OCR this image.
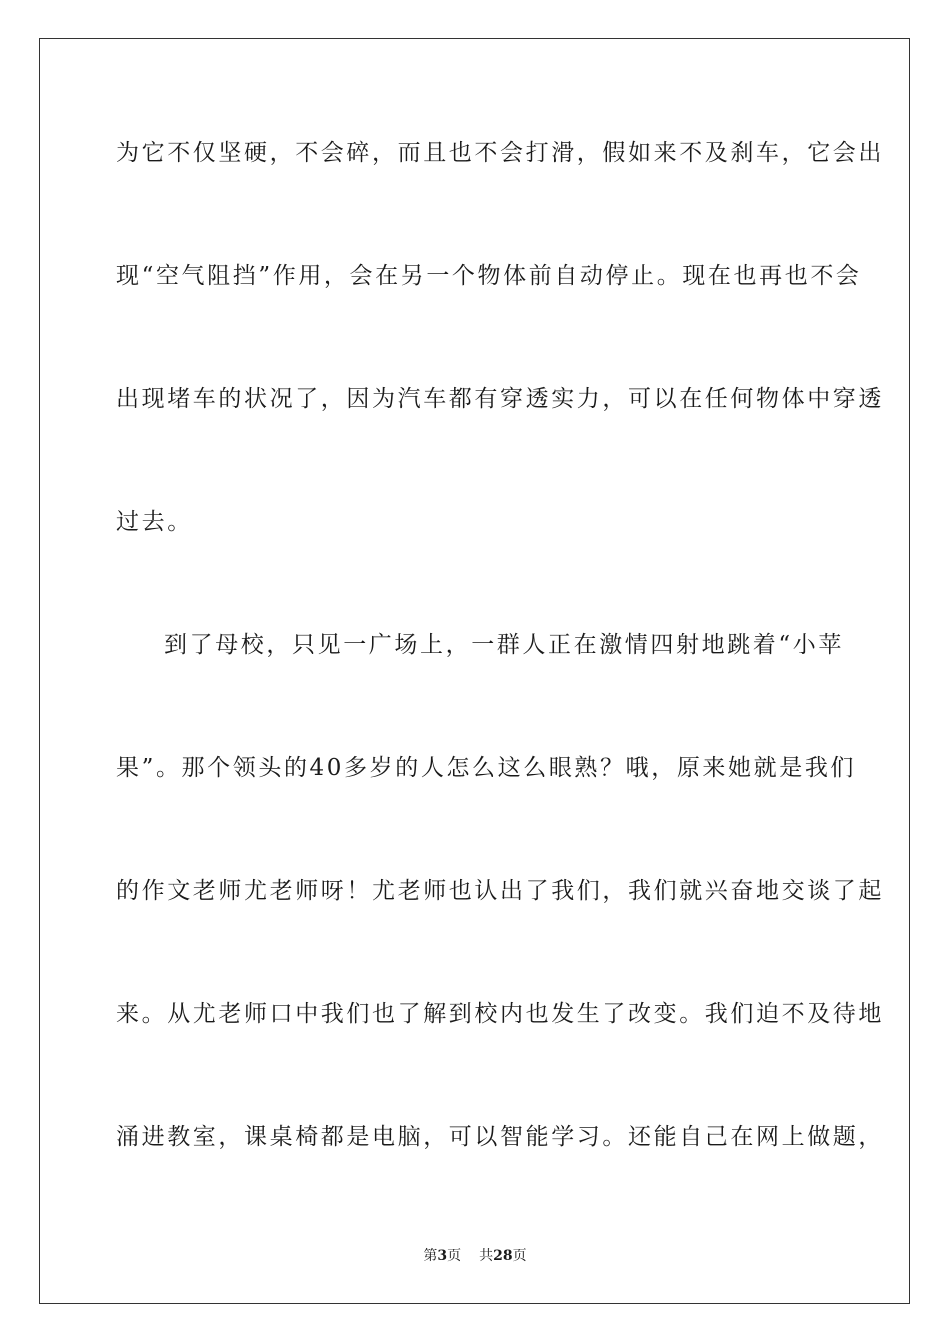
为它不仅坚硬，不会碎，而且也不会打滑，假如来不及刹车，它会出
现“空气阻挡”作用，会在另一个物体前自动停止。现在也再也不会
出现堵车的状况了，因为汽车都有穿透实力，可以在任何物体中穿透
过去。
到了母校，只见一广场上，一群人正在激情四射地跳着“小苹
果”。那个领头的40多岁的人怎么这么眼熟？哦，原来她就是我们
的作文老师尤老师呀！尤老师也认出了我们，我们就兴奋地交谈了起
来。从尤老师口中我们也了解到校内也发生了改变。我们迫不及待地
涌进教室，课桌椅都是电脑，可以智能学习。还能自己在网上做题，
第3页 共28页
